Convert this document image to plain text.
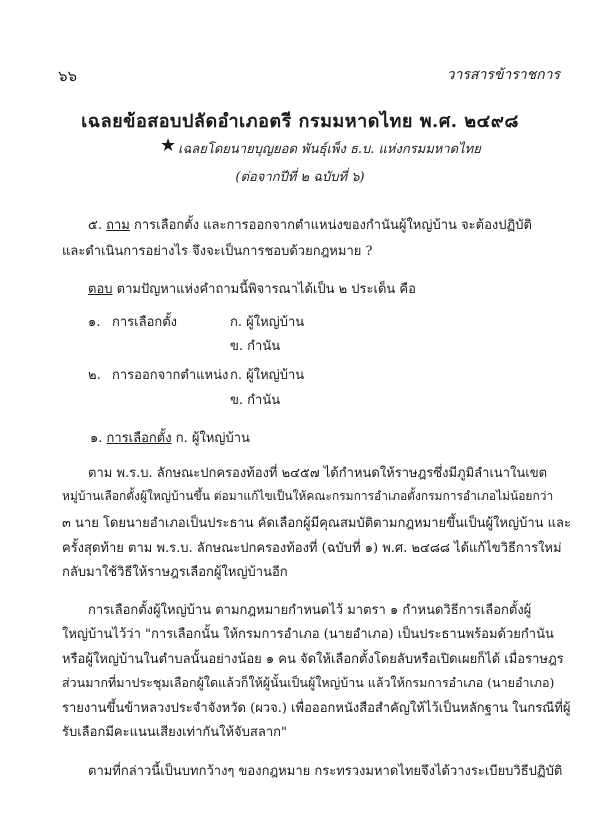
๖๖	วารสารข้าราชการ
เฉลยข้อสอบปลัดอำเภอตรี กรมมหาดไทย พ.ศ. ๒๔๙๘
★ เฉลยโดยนายบุญยอด พันธุ์เพ็ง ธ.บ. แห่งกรมมหาดไทย
(ต่อจากปีที่ ๒ ฉบับที่ ๖)
๕. ถาม การเลือกตั้ง และการออกจากตำแหน่งของกำนันผู้ใหญ่บ้าน จะต้องปฏิบัติ
และดำเนินการอย่างไร จึงจะเป็นการชอบด้วยกฎหมาย ?
ตอบ ตามปัญหาแห่งคำถามนี้พิจารณาได้เป็น ๒ ประเด็น คือ
๑. การเลือกตั้ง	ก. ผู้ใหญ่บ้าน
ข. กำนัน
๒. การออกจากตำแหน่ง ก. ผู้ใหญ่บ้าน
ข. กำนัน
๑. การเลือกตั้ง ก. ผู้ใหญ่บ้าน
ตาม พ.ร.บ. ลักษณะปกครองท้องที่ ๒๔๕๗ ได้กำหนดให้ราษฎรซึ่งมีภูมิลำเนาในเขต
หมู่บ้านเลือกตั้งผู้ใหญ่บ้านขึ้น ต่อมาแก้ไขเป็นให้คณะกรมการอำเภอตั้งกรมการอำเภอไม่น้อยกว่า
๓ นาย โดยนายอำเภอเป็นประธาน คัดเลือกผู้มีคุณสมบัติตามกฎหมายขึ้นเป็นผู้ใหญ่บ้าน และ
ครั้งสุดท้าย ตาม พ.ร.บ. ลักษณะปกครองท้องที่ (ฉบับที่ ๑) พ.ศ. ๒๔๘๘ ได้แก้ไขวิธีการใหม่
กลับมาใช้วิธีให้ราษฎรเลือกผู้ใหญ่บ้านอีก
การเลือกตั้งผู้ใหญ่บ้าน ตามกฎหมายกำหนดไว้ มาตรา ๑ กำหนดวิธีการเลือกตั้งผู้
ใหญ่บ้านไว้ว่า "การเลือกนั้น ให้กรมการอำเภอ (นายอำเภอ) เป็นประธานพร้อมด้วยกำนัน
หรือผู้ใหญ่บ้านในตำบลนั้นอย่างน้อย ๑ คน จัดให้เลือกตั้งโดยลับหรือเปิดเผยก็ได้ เมื่อราษฎร
ส่วนมากที่มาประชุมเลือกผู้ใดแล้วก็ให้ผู้นั้นเป็นผู้ใหญ่บ้าน แล้วให้กรมการอำเภอ (นายอำเภอ)
รายงานขึ้นข้าหลวงประจำจังหวัด (ผวจ.) เพื่อออกหนังสือสำคัญให้ไว้เป็นหลักฐาน ในกรณีที่ผู้
รับเลือกมีคะแนนเสียงเท่ากันให้จับสลาก"
ตามที่กล่าวนี้เป็นบทกว้างๆ ของกฎหมาย กระทรวงมหาดไทยจึงได้วางระเบียบวิธีปฏิบัติ
